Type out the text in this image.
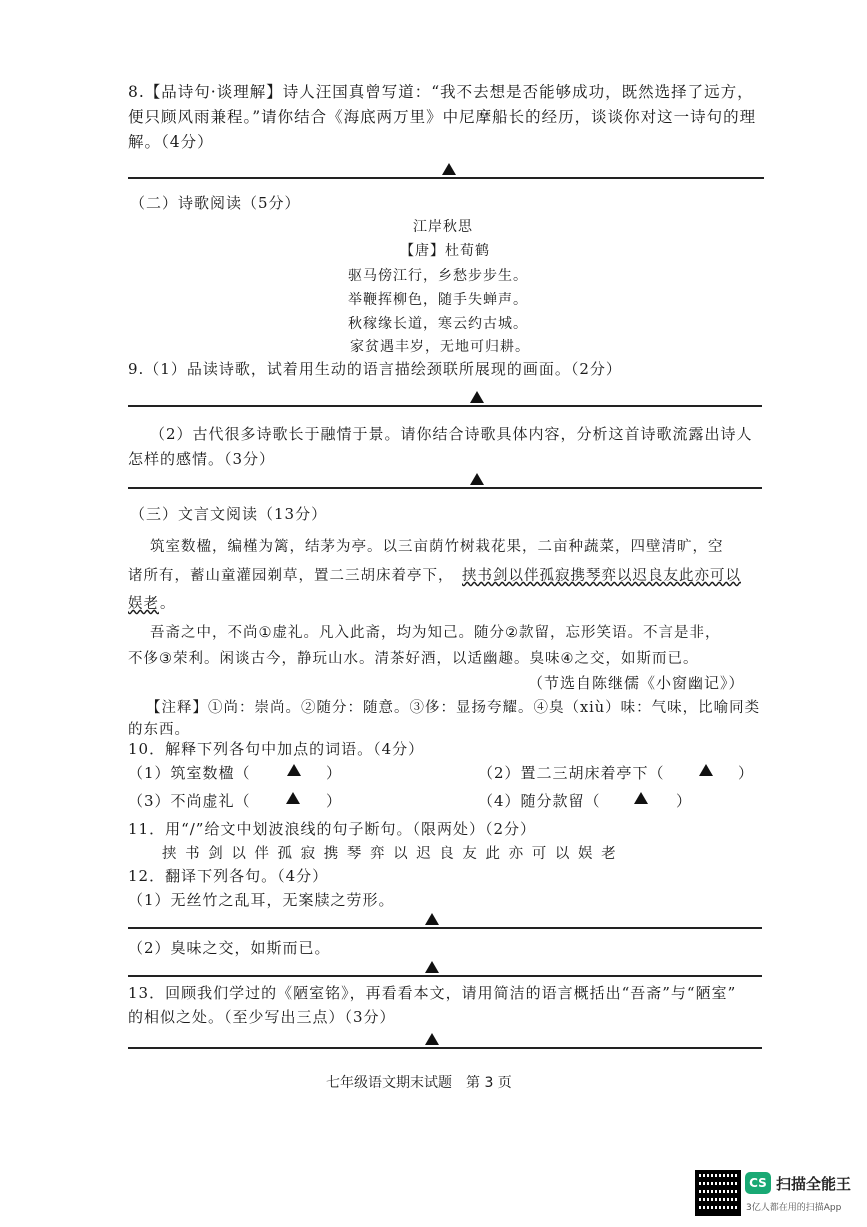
8.【品诗句·谈理解】诗人汪国真曾写道：“我不去想是否能够成功，既然选择了远方，
便只顾风雨兼程。”请你结合《海底两万里》中尼摩船长的经历，谈谈你对这一诗句的理
解。（4分）
（二）诗歌阅读（5分）
江岸秋思
【唐】杜荀鹤
驱马傍江行，乡愁步步生。
举鞭挥柳色，随手失蝉声。
秋稼缘长道，寒云约古城。
家贫遇丰岁，无地可归耕。
9.（1）品读诗歌，试着用生动的语言描绘颈联所展现的画面。（2分）
（2）古代很多诗歌长于融情于景。请你结合诗歌具体内容，分析这首诗歌流露出诗人
怎样的感情。（3分）
（三）文言文阅读（13分）
筑室数楹，编槿为篱，结茅为亭。以三亩荫竹树栽花果，二亩种蔬菜，四壁清旷，空
诸所有，蓄山童灌园剃草，置二三胡床着亭下， 挟书剑以伴孤寂携琴弈以迟良友此亦可以
娱老 。
吾斋之中，不尚①虚礼。凡入此斋，均为知己。随分②款留，忘形笑语。不言是非，
不侈③荣利。闲谈古今，静玩山水。清茶好酒，以适幽趣。臭味④之交，如斯而已。
（节选自陈继儒《小窗幽记》）
【注释】①尚：崇尚。②随分：随意。③侈：显扬夸耀。④臭（xiù）味：气味，比喻同类
的东西。
10．解释下列各句中加点的词语。（4分）
（1）筑室数楹（	）	（2）置二三胡床着亭下（	）
（3）不尚虚礼（	）	（4）随分款留（	）
11．用“/”给文中划波浪线的句子断句。（限两处）（2分）
挟 书 剑 以 伴 孤 寂 携 琴 弈 以 迟 良 友 此 亦 可 以 娱 老
12．翻译下列各句。（4分）
（1）无丝竹之乱耳，无案牍之劳形。
（2）臭味之交，如斯而已。
13．回顾我们学过的《陋室铭》，再看看本文，请用简洁的语言概括出“吾斋”与“陋室”
的相似之处。（至少写出三点）（3分）
七年级语文期末试题　第 3 页
CS 扫描全能王
3亿人都在用的扫描App
